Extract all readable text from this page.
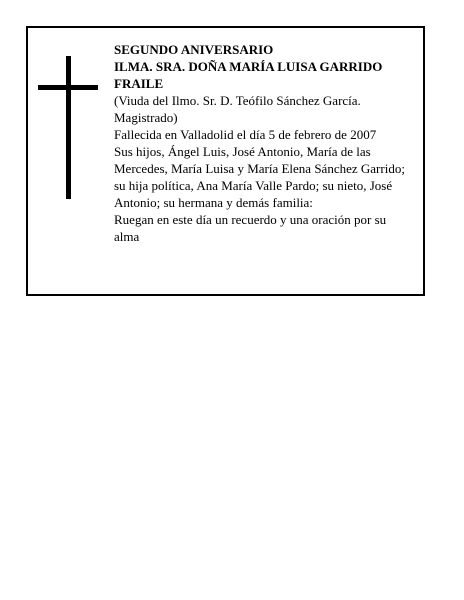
SEGUNDO ANIVERSARIO

ILMA. SRA. DOÑA MARÍA LUISA GARRIDO FRAILE

(Viuda del Ilmo. Sr. D. Teófilo Sánchez García. Magistrado)

Fallecida en Valladolid el día 5 de febrero de 2007

Sus hijos, Ángel Luis, José Antonio, María de las Mercedes, María Luisa y María Elena Sánchez Garrido; su hija política, Ana María Valle Pardo; su nieto, José Antonio; su hermana y demás familia:

Ruegan en este día un recuerdo y una oración por su alma
